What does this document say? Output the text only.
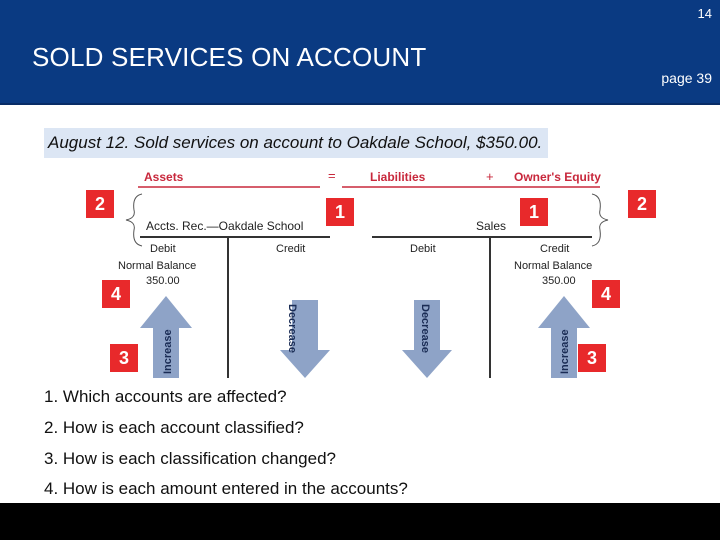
14
SOLD SERVICES ON ACCOUNT
page 39
August 12. Sold services on account to Oakdale School, $350.00.
Assets	=	Liabilities	+ Owner's Equity
Accts. Rec.—Oakdale School
Debit	Credit
Normal Balance
350.00
Increase	Decrease
Sales
Debit	Credit
Normal Balance
350.00
Decrease	Increase
2	1	1	2
4	4
3	3
1. Which accounts are affected?
2. How is each account classified?
3. How is each classification changed?
4. How is each amount entered in the accounts?
